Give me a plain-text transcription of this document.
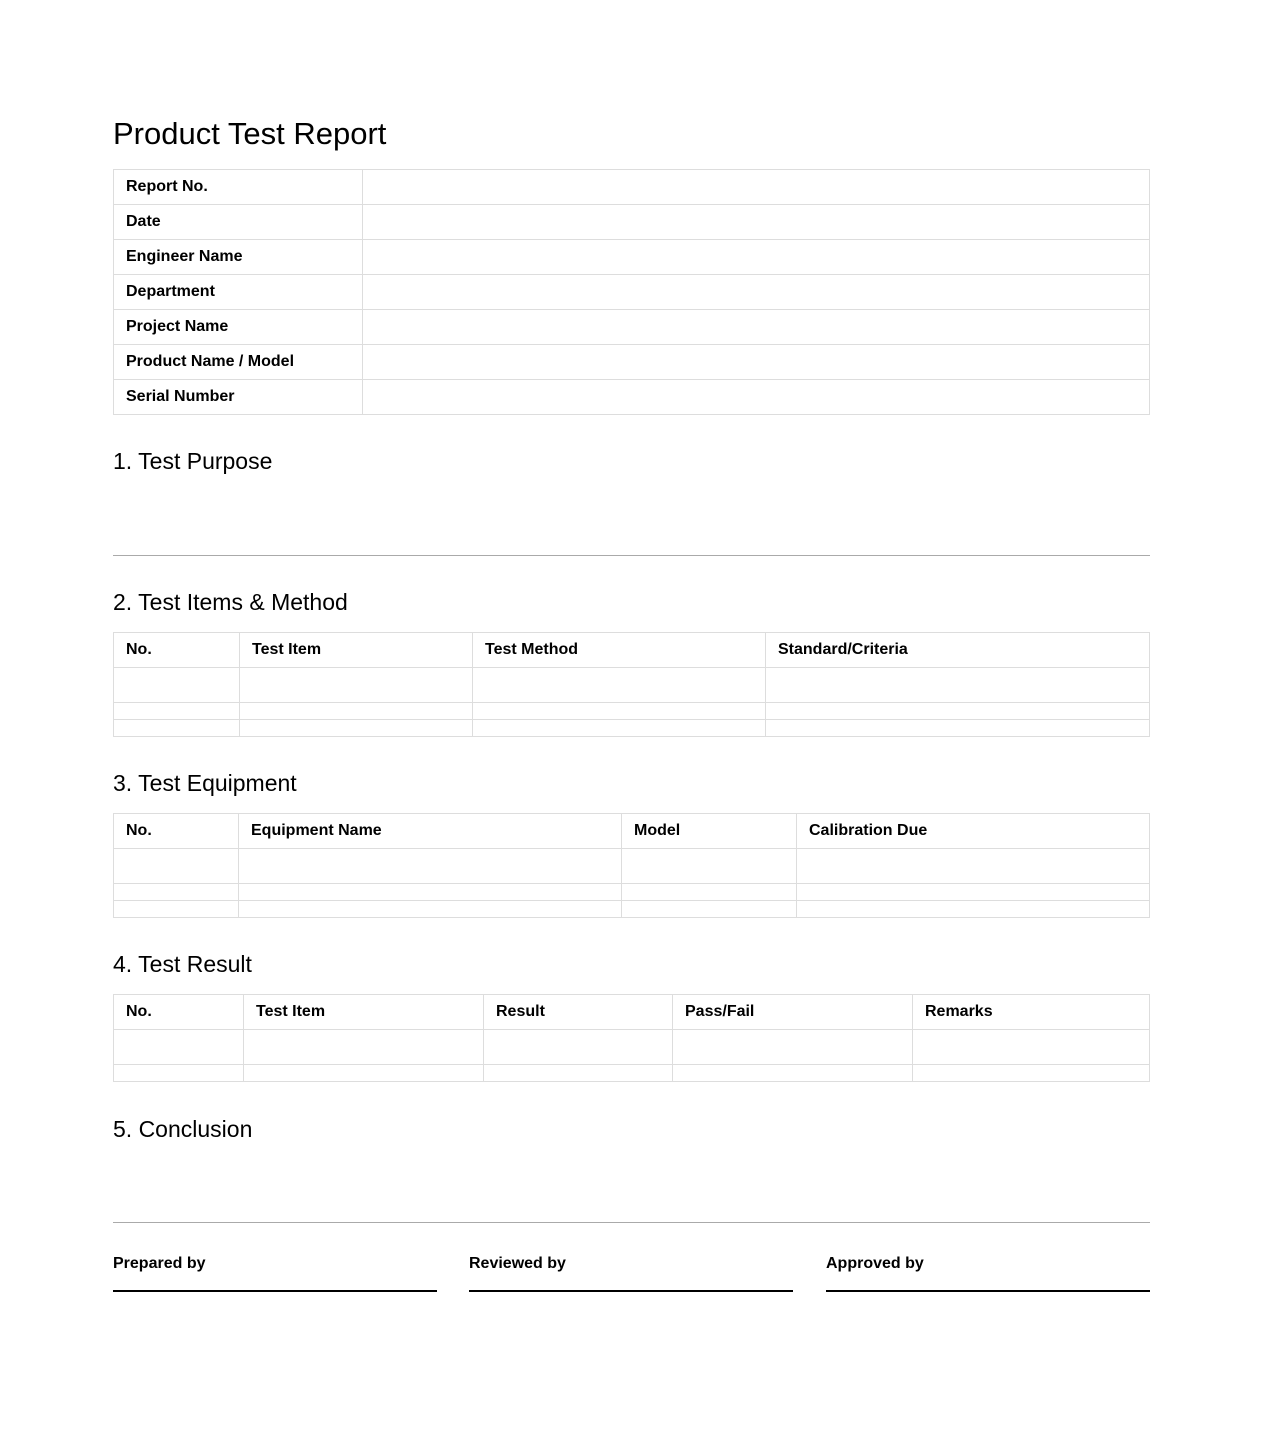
Product Test Report
Report No.	
Date	
Engineer Name	
Department	
Project Name	
Product Name / Model	
Serial Number	
1. Test Purpose
2. Test Items & Method
No.	Test Item	Test Method	Standard/Criteria

3. Test Equipment
No.	Equipment Name	Model	Calibration Due

4. Test Result
No.	Test Item	Result	Pass/Fail	Remarks

5. Conclusion
Prepared by	Reviewed by	Approved by
